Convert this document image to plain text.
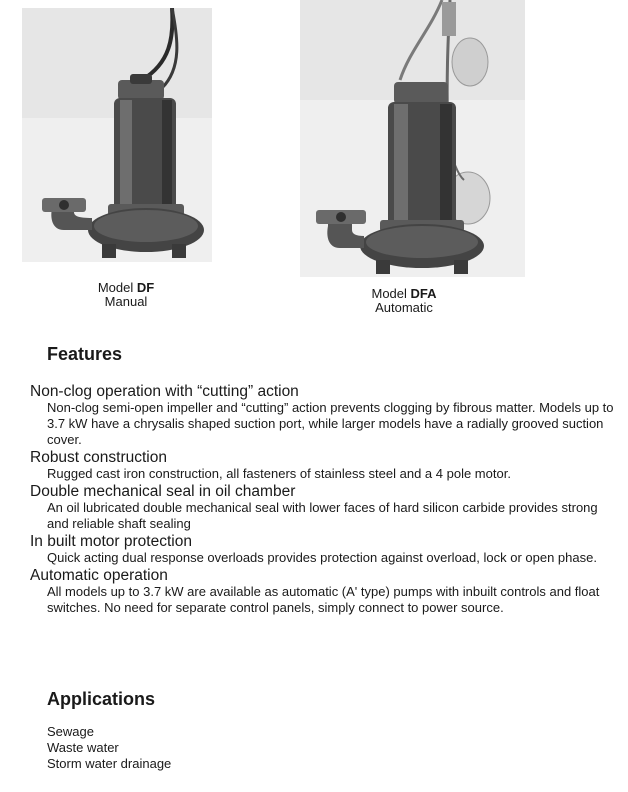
Model DF
Manual
Model DFA
Automatic
Features

Non-clog operation with “cutting” action

Non-clog semi-open impeller and “cutting” action prevents clogging by fibrous matter. Models up to 3.7 kW have a chrysalis shaped suction port, while larger models have a radially grooved suction cover.

Robust construction

Rugged cast iron construction, all fasteners of stainless steel and a 4 pole motor.

Double mechanical seal in oil chamber

An oil lubricated double mechanical seal with lower faces of hard silicon carbide provides strong and reliable shaft sealing

In built motor protection

Quick acting dual response overloads provides protection against overload, lock or open phase.

Automatic operation

All models up to 3.7 kW are available as automatic (A' type) pumps with inbuilt controls and float switches. No need for separate control panels, simply connect to power source.

Applications
Sewage
Waste water
Storm water drainage
